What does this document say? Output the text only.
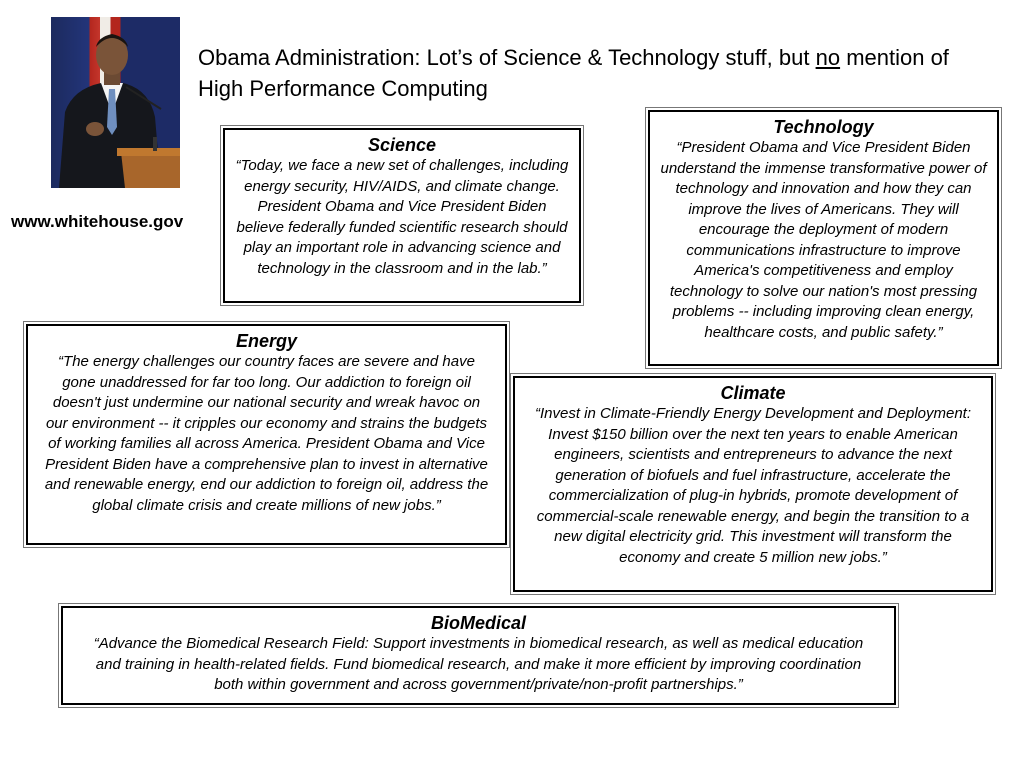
www.whitehouse.gov
Obama Administration: Lot’s of Science & Technology stuff, but no mention of High Performance Computing
Science
“Today, we face a new set of challenges, including energy security, HIV/AIDS, and climate change. President Obama and Vice President Biden believe federally funded scientific research should play an important role in advancing science and technology in the classroom and in the lab.”
Technology
“President Obama and Vice President Biden understand the immense transformative power of technology and innovation and how they can improve the lives of Americans. They will encourage the deployment of modern communications infrastructure to improve America's competitiveness and employ technology to solve our nation's most pressing problems -- including improving clean energy, healthcare costs, and public safety.”
Energy
“The energy challenges our country faces are severe and have gone unaddressed for far too long. Our addiction to foreign oil doesn't just undermine our national security and wreak havoc on our environment -- it cripples our economy and strains the budgets of working families all across America. President Obama and Vice President Biden have a comprehensive plan to invest in alternative and renewable energy, end our addiction to foreign oil, address the global climate crisis and create millions of new jobs.”
Climate
“Invest in Climate-Friendly Energy Development and Deployment: Invest $150 billion over the next ten years to enable American engineers, scientists and entrepreneurs to advance the next generation of biofuels and fuel infrastructure, accelerate the commercialization of plug-in hybrids, promote development of commercial-scale renewable energy, and begin the transition to a new digital electricity grid. This investment will transform the economy and create 5 million new jobs.”
BioMedical
“Advance the Biomedical Research Field: Support investments in biomedical research, as well as medical education and training in health-related fields. Fund biomedical research, and make it more efficient by improving coordination both within government and across government/private/non-profit partnerships.”
